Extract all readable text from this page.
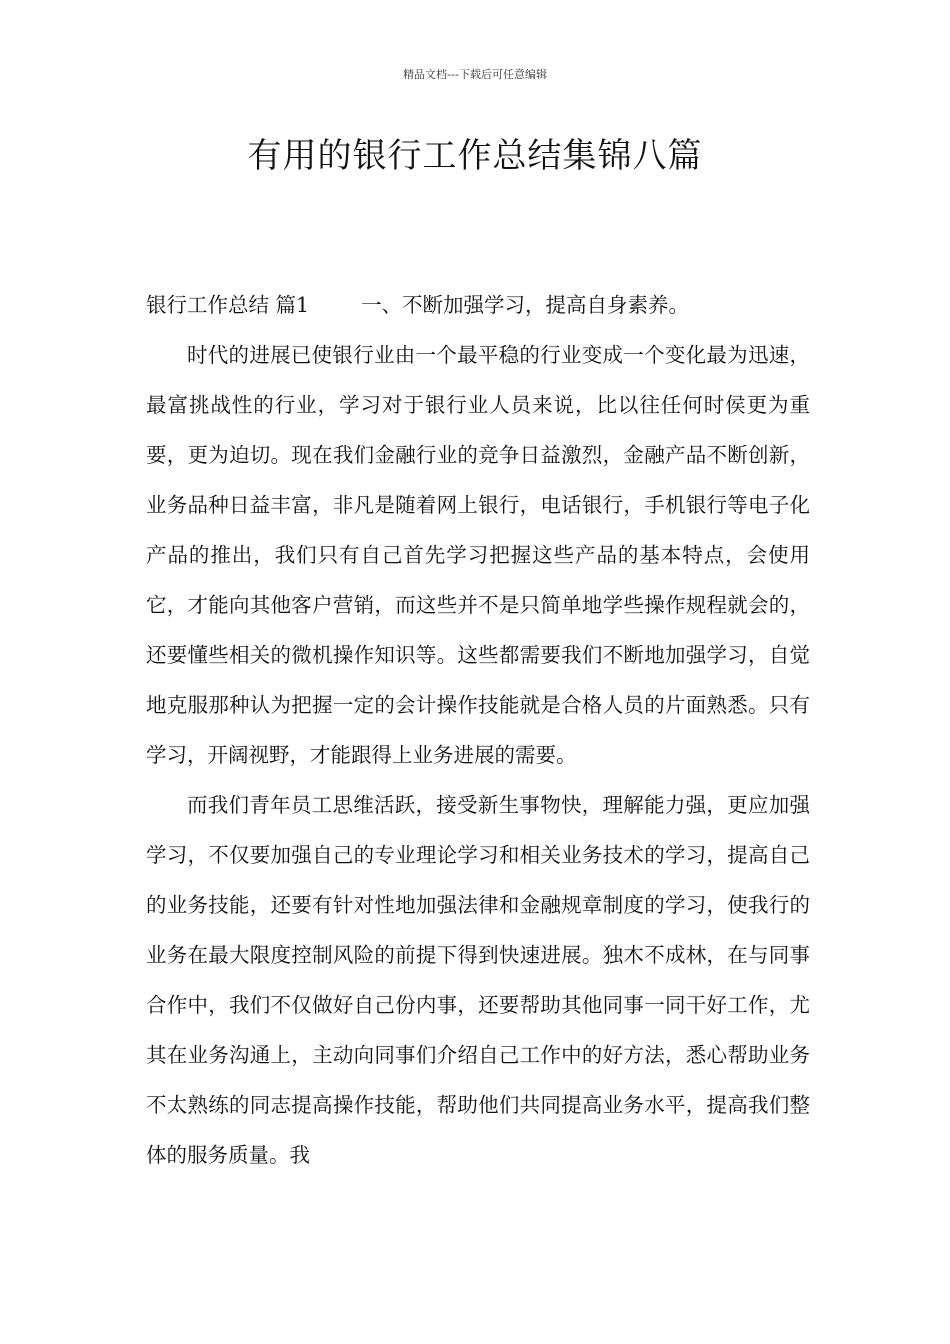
精品文档---下载后可任意编辑
有用的银行工作总结集锦八篇

银行工作总结 篇1	一、不断加强学习，提高自身素养。

时代的进展已使银行业由一个最平稳的行业变成一个变化最为迅速，最富挑战性的行业，学习对于银行业人员来说，比以往任何时侯更为重要，更为迫切。现在我们金融行业的竞争日益激烈，金融产品不断创新，业务品种日益丰富，非凡是随着网上银行，电话银行，手机银行等电子化产品的推出，我们只有自己首先学习把握这些产品的基本特点，会使用它，才能向其他客户营销，而这些并不是只简单地学些操作规程就会的，还要懂些相关的微机操作知识等。这些都需要我们不断地加强学习，自觉地克服那种认为把握一定的会计操作技能就是合格人员的片面熟悉。只有学习，开阔视野，才能跟得上业务进展的需要。

而我们青年员工思维活跃，接受新生事物快，理解能力强，更应加强学习，不仅要加强自己的专业理论学习和相关业务技术的学习，提高自己的业务技能，还要有针对性地加强法律和金融规章制度的学习，使我行的业务在最大限度控制风险的前提下得到快速进展。独木不成林，在与同事合作中，我们不仅做好自己份内事，还要帮助其他同事一同干好工作，尤其在业务沟通上，主动向同事们介绍自己工作中的好方法，悉心帮助业务不太熟练的同志提高操作技能，帮助他们共同提高业务水平，提高我们整体的服务质量。我
